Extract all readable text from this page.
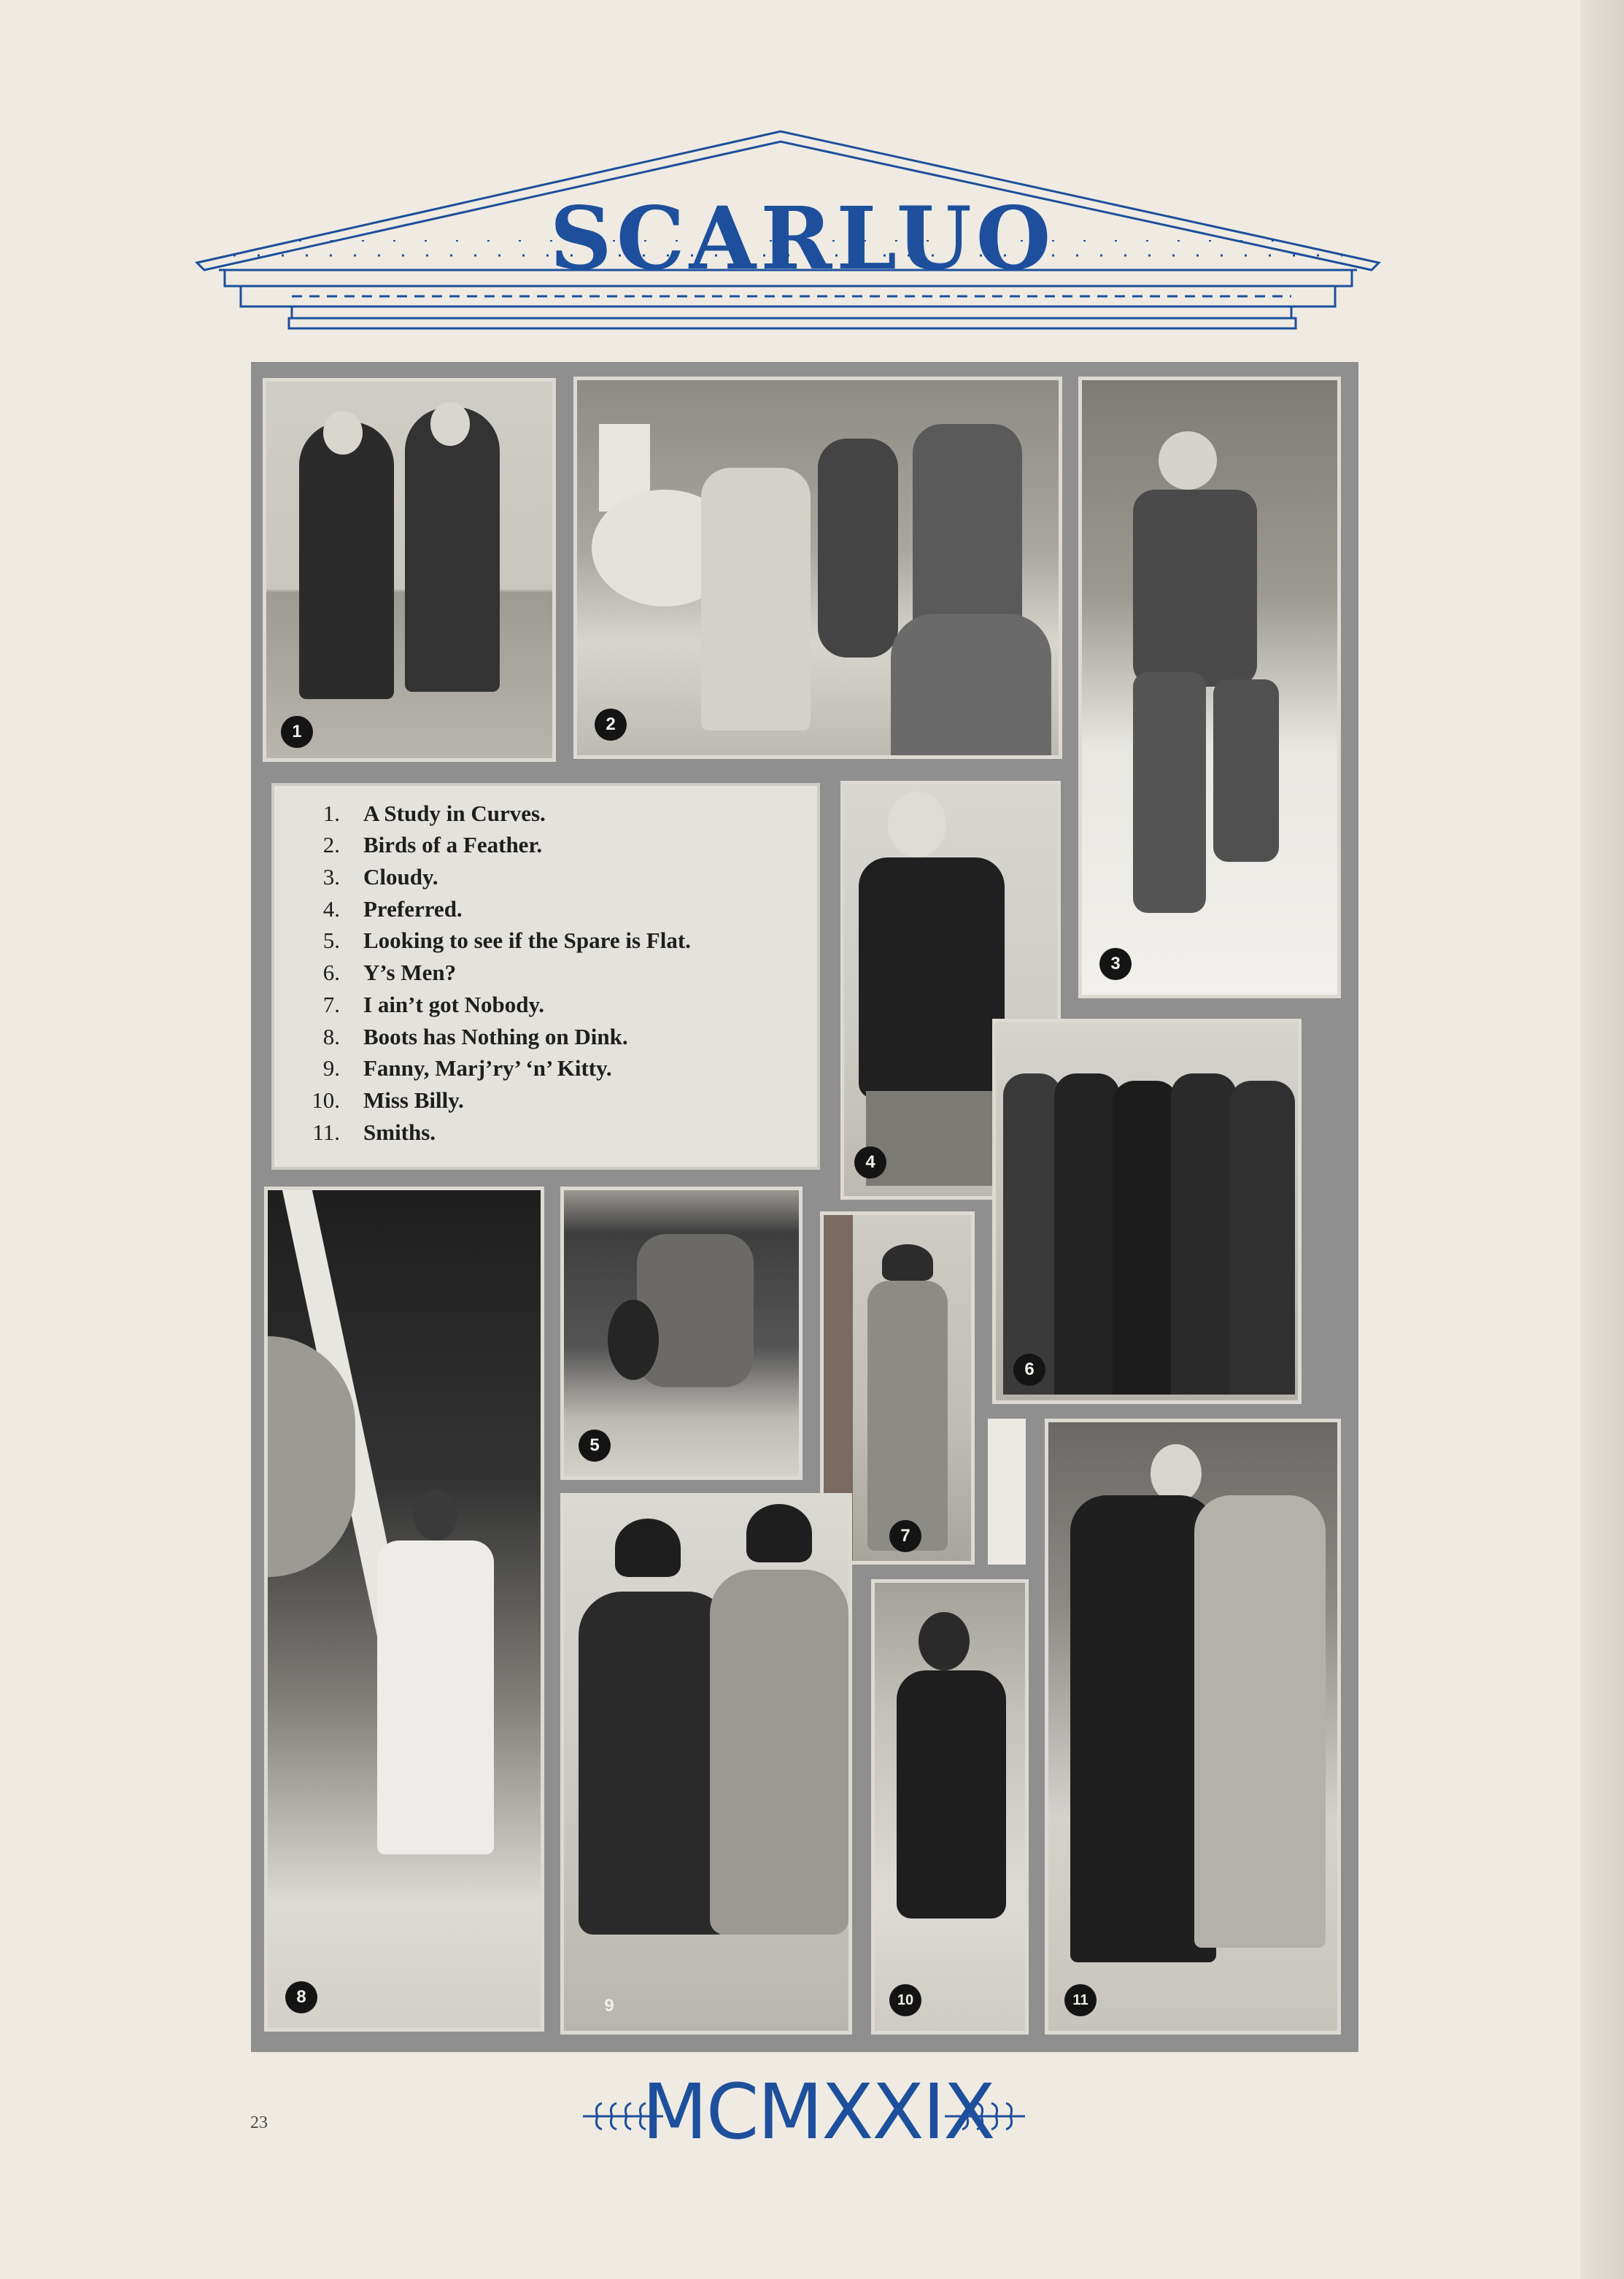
SCARLUO
1	2
3
1. A Study in Curves.
2. Birds of a Feather.
3. Cloudy.
4. Preferred.
5. Looking to see if the Spare is Flat.
6. Y’s Men?
7. I ain’t got Nobody.
8. Boots has Nothing on Dink.
9. Fanny, Marj’ry’ ‘n’ Kitty.
10. Miss Billy.
11. Smiths.
4
6
8
5
7
9	10	11
23	MCMXXIX
